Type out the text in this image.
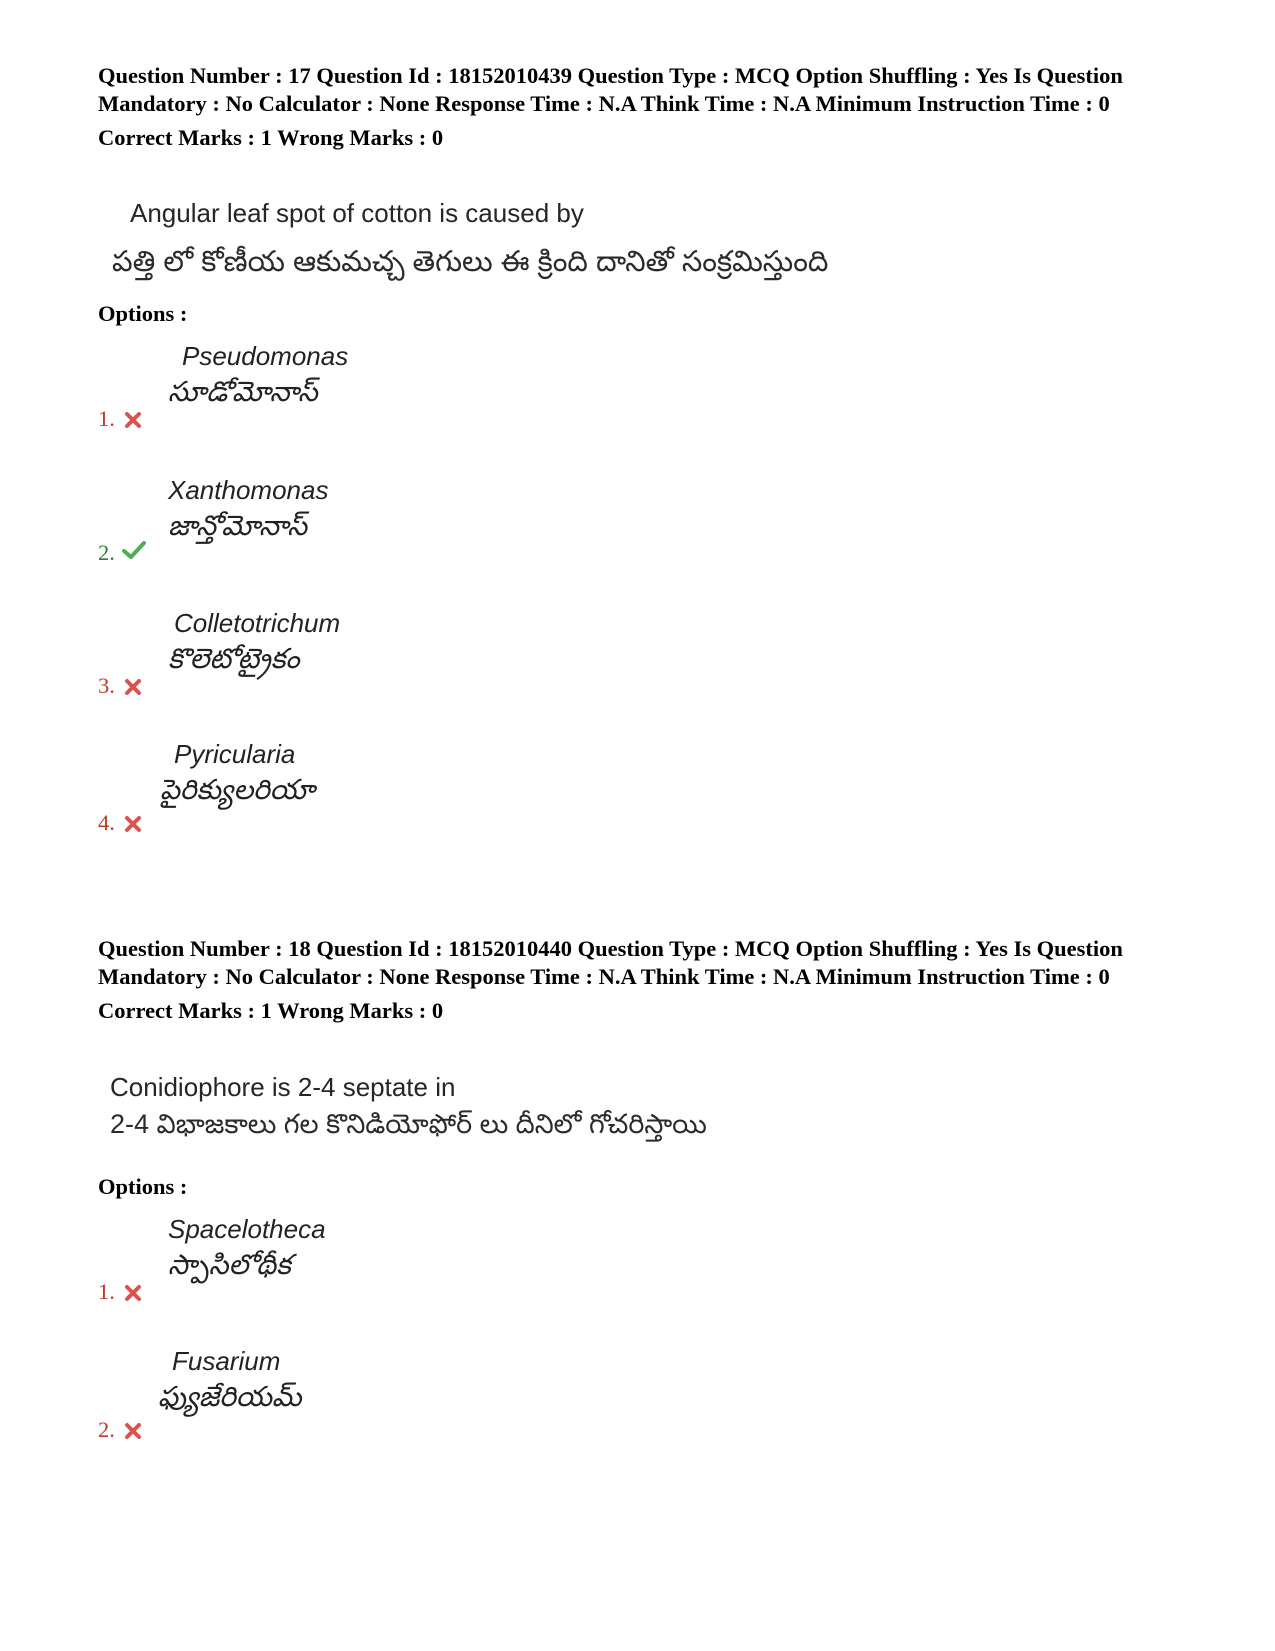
Question Number : 17 Question Id : 18152010439 Question Type : MCQ Option Shuffling : Yes Is Question Mandatory : No Calculator : None Response Time : N.A Think Time : N.A Minimum Instruction Time : 0

Correct Marks : 1 Wrong Marks : 0

Angular leaf spot of cotton is caused by
పత్తి లో కోణీయ ఆకుమచ్చ తెగులు ఈ క్రింది దానితో సంక్రమిస్తుంది
Options :
Pseudomonas
సూడోమోనాస్
1.
Xanthomonas
జాన్తోమోనాస్
2.
Colletotrichum
కొలెటోట్రైకం
3.
Pyricularia
పైరిక్యులరియా
4.

Question Number : 18 Question Id : 18152010440 Question Type : MCQ Option Shuffling : Yes Is Question Mandatory : No Calculator : None Response Time : N.A Think Time : N.A Minimum Instruction Time : 0

Correct Marks : 1 Wrong Marks : 0

Conidiophore is 2-4 septate in
2-4 విభాజకాలు గల కొనిడియోఫోర్ లు దీనిలో గోచరిస్తాయి
Options :
Spacelotheca
స్పాసిలోథీక
1.
Fusarium
ఫ్యుజేరియమ్
2.
